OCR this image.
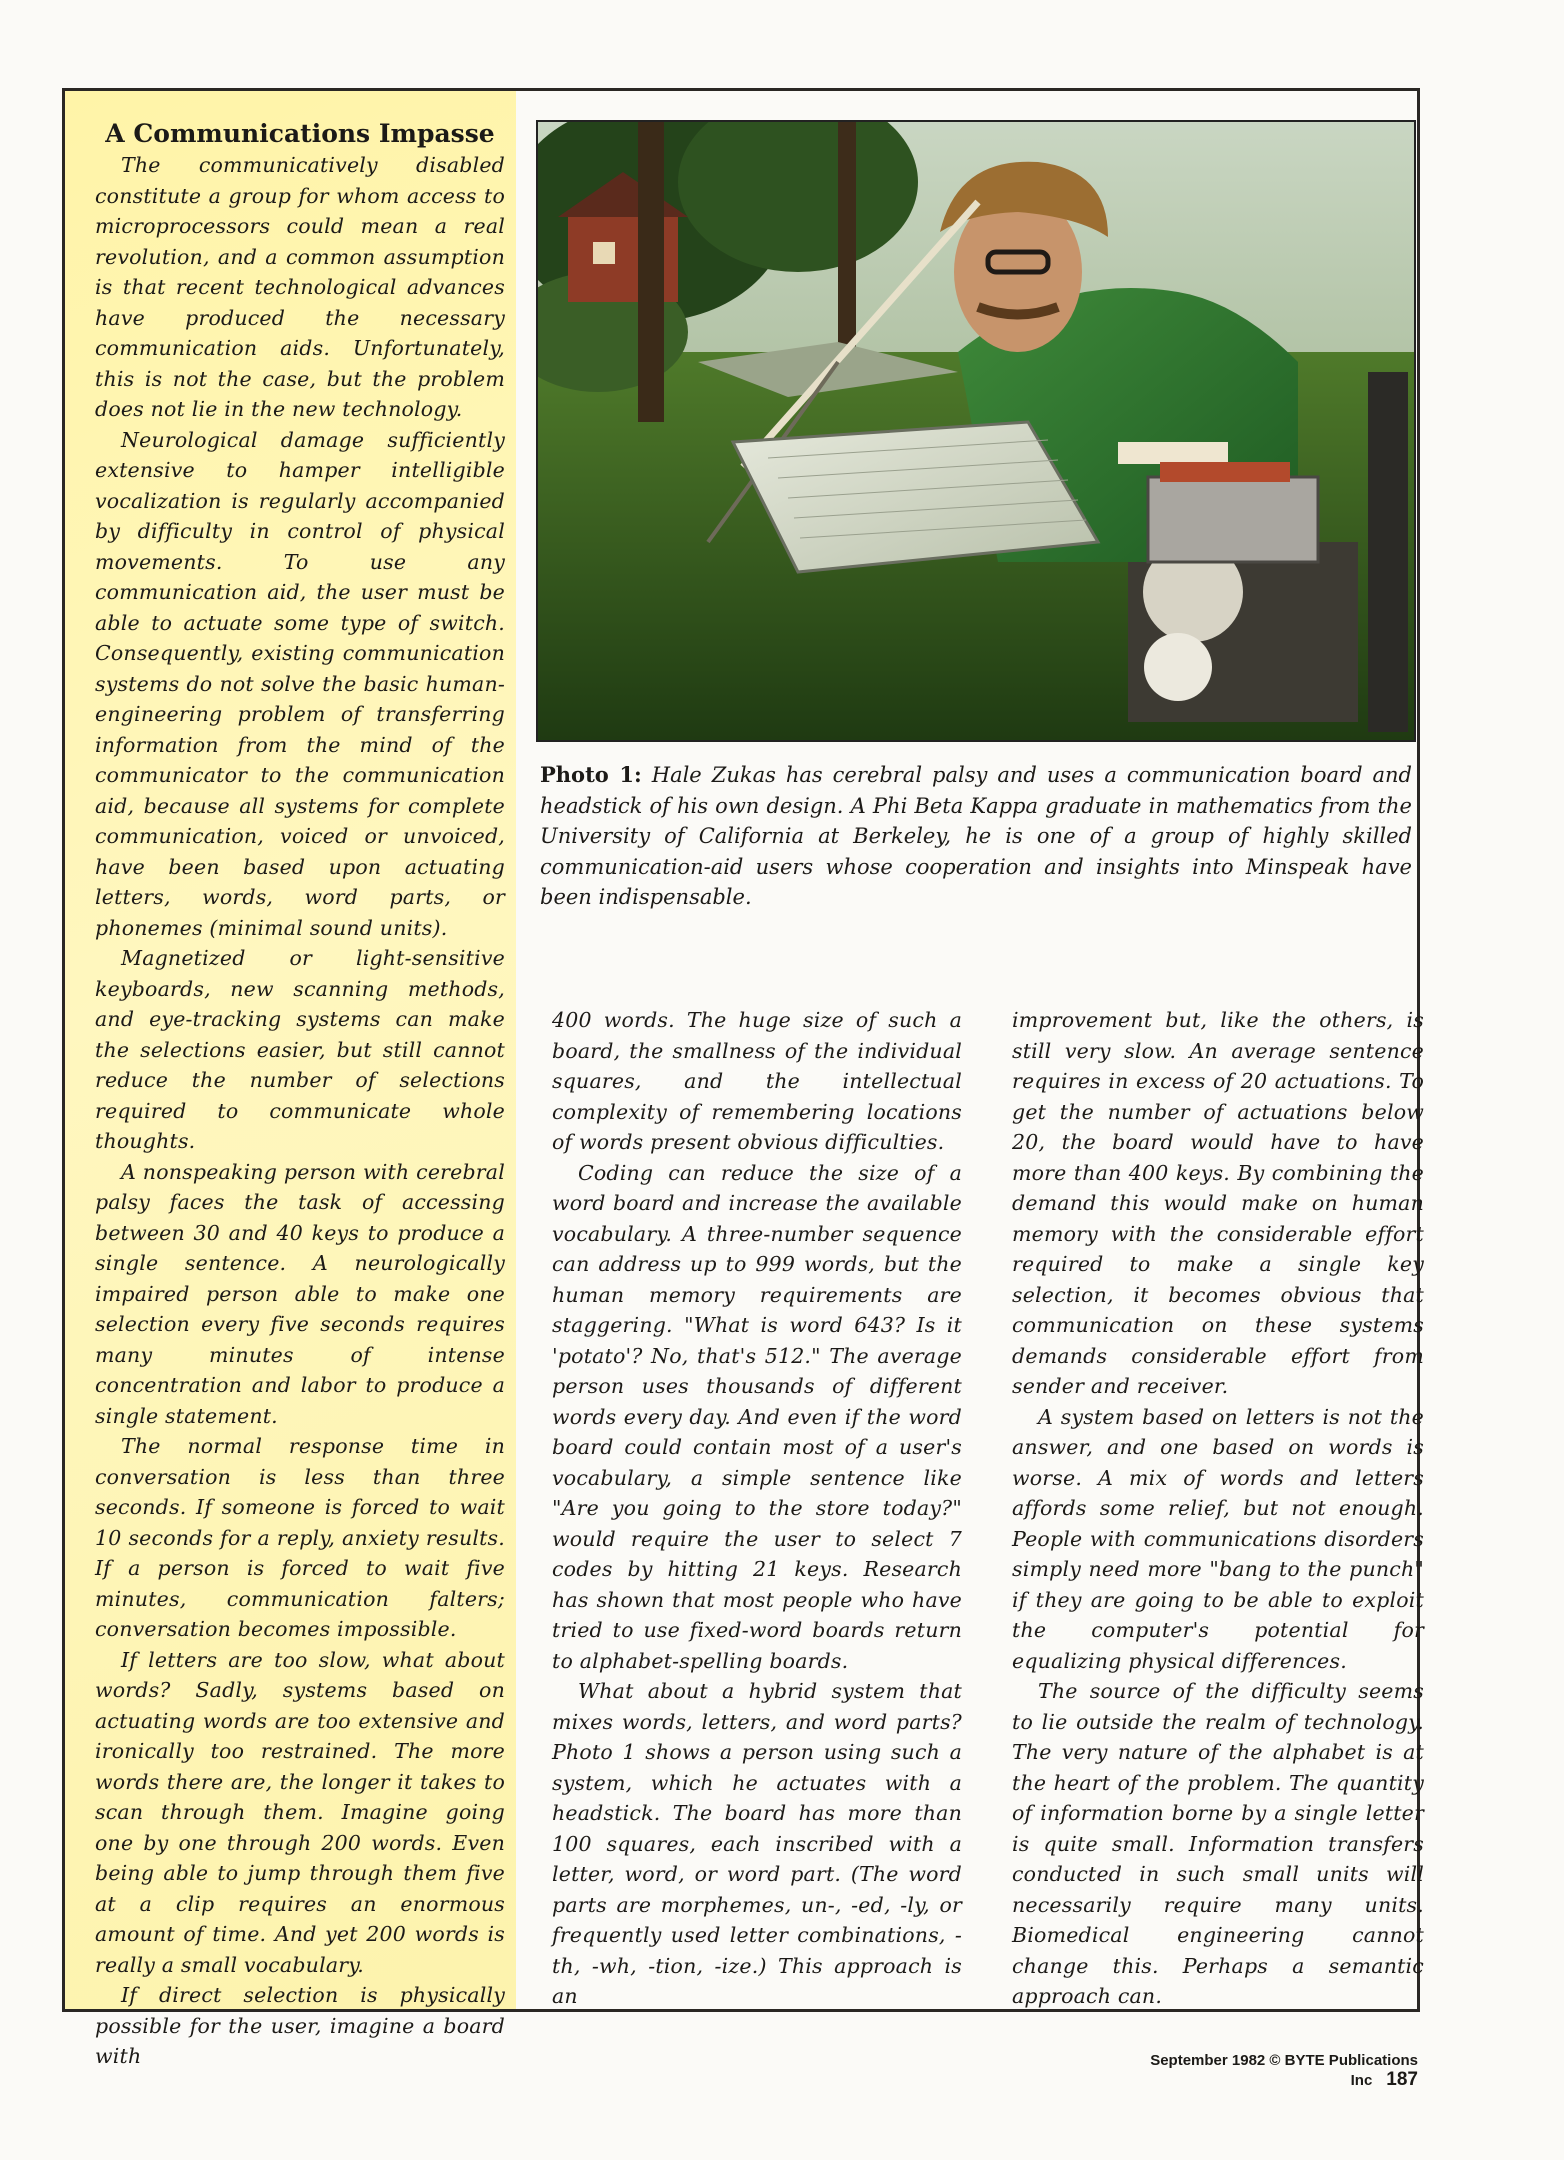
A Communications Impasse

The communicatively disabled constitute a group for whom access to microprocessors could mean a real revolution, and a common assumption is that recent technological advances have produced the necessary communication aids. Unfortunately, this is not the case, but the problem does not lie in the new technology.

Neurological damage sufficiently extensive to hamper intelligible vocalization is regularly accompanied by difficulty in control of physical movements. To use any communication aid, the user must be able to actuate some type of switch. Consequently, existing communication systems do not solve the basic human-engineering problem of transferring information from the mind of the communicator to the communication aid, because all systems for complete communication, voiced or unvoiced, have been based upon actuating letters, words, word parts, or phonemes (minimal sound units).

Magnetized or light-sensitive keyboards, new scanning methods, and eye-tracking systems can make the selections easier, but still cannot reduce the number of selections required to communicate whole thoughts.

A nonspeaking person with cerebral palsy faces the task of accessing between 30 and 40 keys to produce a single sentence. A neurologically impaired person able to make one selection every five seconds requires many minutes of intense concentration and labor to produce a single statement.

The normal response time in conversation is less than three seconds. If someone is forced to wait 10 seconds for a reply, anxiety results. If a person is forced to wait five minutes, communication falters; conversation becomes impossible.

If letters are too slow, what about words? Sadly, systems based on actuating words are too extensive and ironically too restrained. The more words there are, the longer it takes to scan through them. Imagine going one by one through 200 words. Even being able to jump through them five at a clip requires an enormous amount of time. And yet 200 words is really a small vocabulary.

If direct selection is physically possible for the user, imagine a board with

Photo 1: Hale Zukas has cerebral palsy and uses a communication board and headstick of his own design. A Phi Beta Kappa graduate in mathematics from the University of California at Berkeley, he is one of a group of highly skilled communication-aid users whose cooperation and insights into Minspeak have been indispensable.

400 words. The huge size of such a board, the smallness of the individual squares, and the intellectual complexity of remembering locations of words present obvious difficulties.

Coding can reduce the size of a word board and increase the available vocabulary. A three-number sequence can address up to 999 words, but the human memory requirements are staggering. "What is word 643? Is it 'potato'? No, that's 512." The average person uses thousands of different words every day. And even if the word board could contain most of a user's vocabulary, a simple sentence like "Are you going to the store today?" would require the user to select 7 codes by hitting 21 keys. Research has shown that most people who have tried to use fixed-word boards return to alphabet-spelling boards.

What about a hybrid system that mixes words, letters, and word parts? Photo 1 shows a person using such a system, which he actuates with a headstick. The board has more than 100 squares, each inscribed with a letter, word, or word part. (The word parts are morphemes, un-, -ed, -ly, or frequently used letter combinations, -th, -wh, -tion, -ize.) This approach is an

improvement but, like the others, is still very slow. An average sentence requires in excess of 20 actuations. To get the number of actuations below 20, the board would have to have more than 400 keys. By combining the demand this would make on human memory with the considerable effort required to make a single key selection, it becomes obvious that communication on these systems demands considerable effort from sender and receiver.

A system based on letters is not the answer, and one based on words is worse. A mix of words and letters affords some relief, but not enough. People with communications disorders simply need more "bang to the punch" if they are going to be able to exploit the computer's potential for equalizing physical differences.

The source of the difficulty seems to lie outside the realm of technology. The very nature of the alphabet is at the heart of the problem. The quantity of information borne by a single letter is quite small. Information transfers conducted in such small units will necessarily require many units. Biomedical engineering cannot change this. Perhaps a semantic approach can.

September 1982 © BYTE Publications Inc 187
